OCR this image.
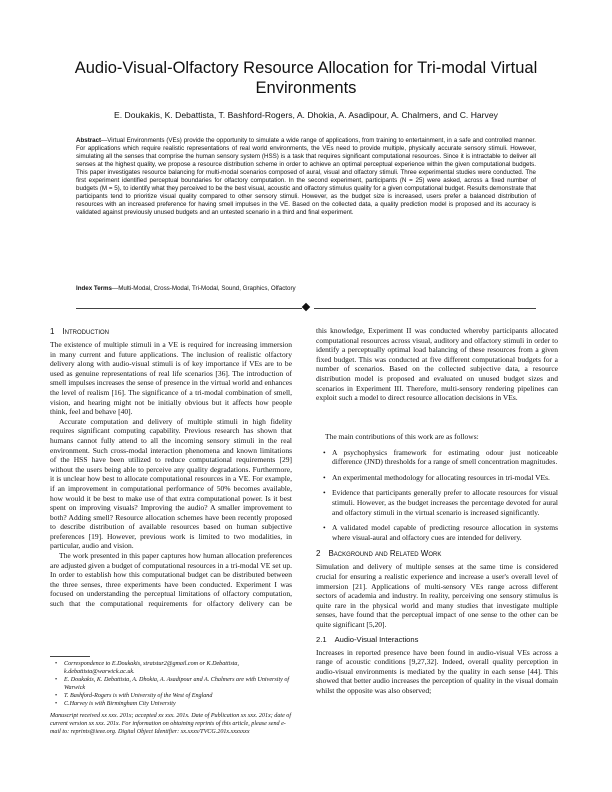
Audio-Visual-Olfactory Resource Allocation for Tri-modal Virtual Environments
E. Doukakis, K. Debattista, T. Bashford-Rogers, A. Dhokia, A. Asadipour, A. Chalmers, and C. Harvey
Abstract—Virtual Environments (VEs) provide the opportunity to simulate a wide range of applications, from training to entertainment, in a safe and controlled manner. For applications which require realistic representations of real world environments, the VEs need to provide multiple, physically accurate sensory stimuli. However, simulating all the senses that comprise the human sensory system (HSS) is a task that requires significant computational resources. Since it is intractable to deliver all senses at the highest quality, we propose a resource distribution scheme in order to achieve an optimal perceptual experience within the given computational budgets. This paper investigates resource balancing for multi-modal scenarios composed of aural, visual and olfactory stimuli. Three experimental studies were conducted. The first experiment identified perceptual boundaries for olfactory computation. In the second experiment, participants (N = 25) were asked, across a fixed number of budgets (M = 5), to identify what they perceived to be the best visual, acoustic and olfactory stimulus quality for a given computational budget. Results demonstrate that participants tend to prioritize visual quality compared to other sensory stimuli. However, as the budget size is increased, users prefer a balanced distribution of resources with an increased preference for having smell impulses in the VE. Based on the collected data, a quality prediction model is proposed and its accuracy is validated against previously unused budgets and an untested scenario in a third and final experiment.
Index Terms—Multi-Modal, Cross-Modal, Tri-Modal, Sound, Graphics, Olfactory
1 Introduction

The existence of multiple stimuli in a VE is required for increasing immersion in many current and future applications. The inclusion of realistic olfactory delivery along with audio-visual stimuli is of key importance if VEs are to be used as genuine representations of real life scenarios [36]. The introduction of smell impulses increases the sense of presence in the virtual world and enhances the level of realism [16]. The significance of a tri-modal combination of smell, vision, and hearing might not be initially obvious but it affects how people think, feel and behave [40].

Accurate computation and delivery of multiple stimuli in high fidelity requires significant computing capability. Previous research has shown that humans cannot fully attend to all the incoming sensory stimuli in the real environment. Such cross-modal interaction phenomena and known limitations of the HSS have been utilized to reduce computational requirements [29] without the users being able to perceive any quality degradations. Furthermore, it is unclear how best to allocate computational resources in a VE. For example, if an improvement in computational performance of 50% becomes available, how would it be best to make use of that extra computational power. Is it best spent on improving visuals? Improving the audio? A smaller improvement to both? Adding smell? Resource allocation schemes have been recently proposed to describe distribution of available resources based on human subjective preferences [19]. However, previous work is limited to two modalities, in particular, audio and vision.

The work presented in this paper captures how human allocation preferences are adjusted given a budget of computational resources in a tri-modal VE set up. In order to establish how this computational budget can be distributed between the three senses, three experiments have been conducted. Experiment I was focused on understanding the perceptual limitations of olfactory computation, such that the computational requirements for olfactory delivery can be

this knowledge, Experiment II was conducted whereby participants allocated computational resources across visual, auditory and olfactory stimuli in order to identify a perceptually optimal load balancing of these resources from a given fixed budget. This was conducted at five different computational budgets for a number of scenarios. Based on the collected subjective data, a resource distribution model is proposed and evaluated on unused budget sizes and scenarios in Experiment III. Therefore, multi-sensory rendering pipelines can exploit such a model to direct resource allocation decisions in VEs.

The main contributions of this work are as follows:

• A psychophysics framework for estimating odour just noticeable difference (JND) thresholds for a range of smell concentration magnitudes.
• An experimental methodology for allocating resources in tri-modal VEs.
• Evidence that participants generally prefer to allocate resources for visual stimuli. However, as the budget increases the percentage devoted for aural and olfactory stimuli in the virtual scenario is increased significantly.
• A validated model capable of predicting resource allocation in systems where visual-aural and olfactory cues are intended for delivery.
2 Background and Related Work

Simulation and delivery of multiple senses at the same time is considered crucial for ensuring a realistic experience and increase a user's overall level of immersion [21]. Applications of multi-sensory VEs range across different sectors of academia and industry. In reality, perceiving one sensory stimulus is quite rare in the physical world and many studies that investigate multiple senses, have found that the perceptual impact of one sense to the other can be quite significant [5,20].

2.1 Audio-Visual Interactions

Increases in reported presence have been found in audio-visual VEs across a range of acoustic conditions [9,27,32]. Indeed, overall quality perception in audio-visual environments is mediated by the quality in each sense [44]. This showed that better audio increases the perception of quality in the visual domain whilst the opposite was also observed;

• Correspondence to E.Doukakis, stratstur2@gmail.com or K.Debattista, k.debattista@warwick.ac.uk.
• E. Doukakis, K. Debattista, A. Dhokia, A. Asadipour and A. Chalmers are with University of Warwick
• T. Bashford-Rogers is with University of the West of England
• C.Harvey is with Birmingham City University

Manuscript received xx xxx. 201x; accepted xx xxx. 201x. Date of Publication xx xxx. 201x; date of current version xx xxx. 201x. For information on obtaining reprints of this article, please send e-mail to: reprints@ieee.org. Digital Object Identifier: xx.xxxx/TVCG.201x.xxxxxxx
